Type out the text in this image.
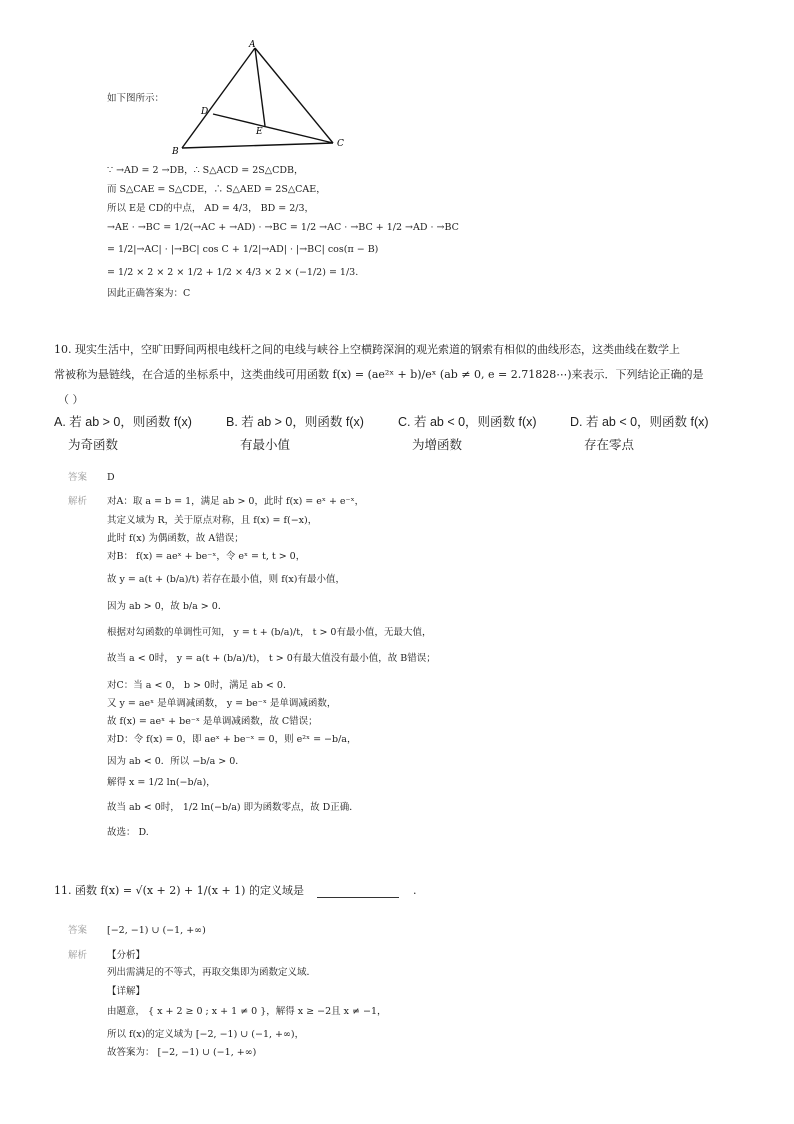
A
B
C
D
E
如下图所示：
∵ →AD = 2 →DB，∴ S△ACD = 2S△CDB，
而 S△CAE = S△CDE，∴ S△AED = 2S△CAE，
所以 E是 CD的中点， AD = 4/3， BD = 2/3，
→AE · →BC = 1/2(→AC + →AD) · →BC = 1/2 →AC · →BC + 1/2 →AD · →BC
= 1/2|→AC| · |→BC| cos C + 1/2|→AD| · |→BC| cos(π − B)
= 1/2 × 2 × 2 × 1/2 + 1/2 × 4/3 × 2 × (−1/2) = 1/3.
因此正确答案为：C
10. 现实生活中，空旷田野间两根电线杆之间的电线与峡谷上空横跨深涧的观光索道的钢索有相似的曲线形态，这类曲线在数学上
常被称为悬链线，在合适的坐标系中，这类曲线可用函数 f(x) = (ae²ˣ + b)/eˣ (ab ≠ 0, e = 2.71828⋯)来表示．下列结论正确的是
（ ）
A. 若 ab > 0，则函数 f(x)
为奇函数
B. 若 ab > 0，则函数 f(x)
有最小值
C. 若 ab < 0，则函数 f(x)
为增函数
D. 若 ab < 0，则函数 f(x)
存在零点
答案 D
解析 对A：取 a = b = 1，满足 ab > 0，此时 f(x) = eˣ + e⁻ˣ，
其定义域为 R，关于原点对称，且 f(x) = f(−x)，
此时 f(x) 为偶函数，故 A错误；
对B： f(x) = aeˣ + be⁻ˣ，令 eˣ = t, t > 0，
故 y = a(t + (b/a)/t) 若存在最小值，则 f(x)有最小值，
因为 ab > 0，故 b/a > 0．
根据对勾函数的单调性可知， y = t + (b/a)/t， t > 0有最小值，无最大值，
故当 a < 0时， y = a(t + (b/a)/t)， t > 0有最大值没有最小值，故 B错误；
对C：当 a < 0， b > 0时，满足 ab < 0．
又 y = aeˣ 是单调减函数， y = be⁻ˣ 是单调减函数，
故 f(x) = aeˣ + be⁻ˣ 是单调减函数，故 C错误；
对D：令 f(x) = 0，即 aeˣ + be⁻ˣ = 0，则 e²ˣ = −b/a，
因为 ab < 0．所以 −b/a > 0．
解得 x = 1/2 ln(−b/a)，
故当 ab < 0时， 1/2 ln(−b/a) 即为函数零点，故 D正确．
故选： D.
11. 函数 f(x) = √(x + 2) + 1/(x + 1) 的定义域是	.
答案 [−2, −1) ∪ (−1, +∞)
解析 【分析】
列出需满足的不等式，再取交集即为函数定义域．
【详解】
由题意， { x + 2 ≥ 0 ; x + 1 ≠ 0 }，解得 x ≥ −2且 x ≠ −1，
所以 f(x)的定义域为 [−2, −1) ∪ (−1, +∞)，
故答案为： [−2, −1) ∪ (−1, +∞)
